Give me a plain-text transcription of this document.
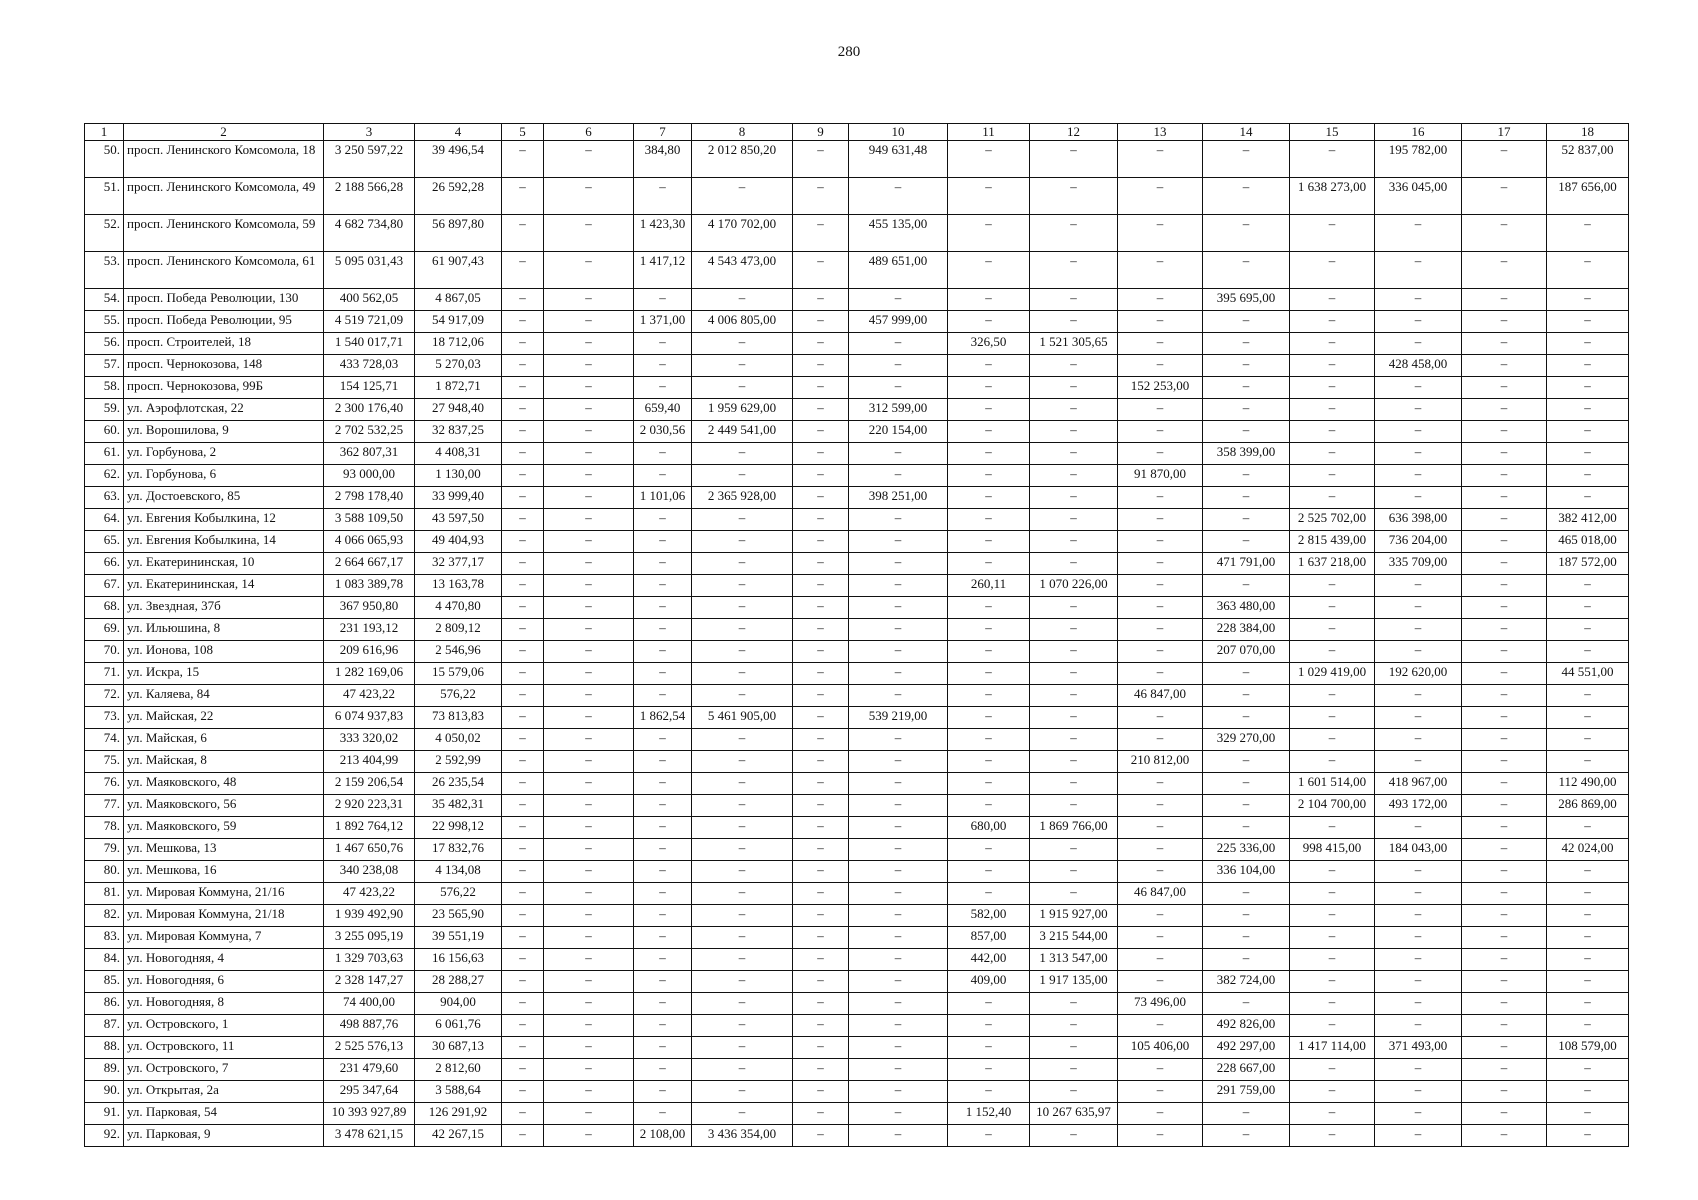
280
1	2	3	4	5	6	7	8	9	10	11	12	13	14	15	16	17	18
50.	просп. Ленинского Комсомола, 18	3 250 597,22	39 496,54	–	–	384,80	2 012 850,20	–	949 631,48	–	–	–	–	–	195 782,00	–	52 837,00
51.	просп. Ленинского Комсомола, 49	2 188 566,28	26 592,28	–	–	–	–	–	–	–	–	–	–	1 638 273,00	336 045,00	–	187 656,00
52.	просп. Ленинского Комсомола, 59	4 682 734,80	56 897,80	–	–	1 423,30	4 170 702,00	–	455 135,00	–	–	–	–	–	–	–	–
53.	просп. Ленинского Комсомола, 61	5 095 031,43	61 907,43	–	–	1 417,12	4 543 473,00	–	489 651,00	–	–	–	–	–	–	–	–
54.	просп. Победа Революции, 130	400 562,05	4 867,05	–	–	–	–	–	–	–	–	–	395 695,00	–	–	–	–
55.	просп. Победа Революции, 95	4 519 721,09	54 917,09	–	–	1 371,00	4 006 805,00	–	457 999,00	–	–	–	–	–	–	–	–
56.	просп. Строителей, 18	1 540 017,71	18 712,06	–	–	–	–	–	–	326,50	1 521 305,65	–	–	–	–	–	–
57.	просп. Чернокозова, 148	433 728,03	5 270,03	–	–	–	–	–	–	–	–	–	–	–	428 458,00	–	–
58.	просп. Чернокозова, 99Б	154 125,71	1 872,71	–	–	–	–	–	–	–	–	152 253,00	–	–	–	–	–
59.	ул. Аэрофлотская, 22	2 300 176,40	27 948,40	–	–	659,40	1 959 629,00	–	312 599,00	–	–	–	–	–	–	–	–
60.	ул. Ворошилова, 9	2 702 532,25	32 837,25	–	–	2 030,56	2 449 541,00	–	220 154,00	–	–	–	–	–	–	–	–
61.	ул. Горбунова, 2	362 807,31	4 408,31	–	–	–	–	–	–	–	–	–	358 399,00	–	–	–	–
62.	ул. Горбунова, 6	93 000,00	1 130,00	–	–	–	–	–	–	–	–	91 870,00	–	–	–	–	–
63.	ул. Достоевского, 85	2 798 178,40	33 999,40	–	–	1 101,06	2 365 928,00	–	398 251,00	–	–	–	–	–	–	–	–
64.	ул. Евгения Кобылкина, 12	3 588 109,50	43 597,50	–	–	–	–	–	–	–	–	–	–	2 525 702,00	636 398,00	–	382 412,00
65.	ул. Евгения Кобылкина, 14	4 066 065,93	49 404,93	–	–	–	–	–	–	–	–	–	–	2 815 439,00	736 204,00	–	465 018,00
66.	ул. Екатерининская, 10	2 664 667,17	32 377,17	–	–	–	–	–	–	–	–	–	471 791,00	1 637 218,00	335 709,00	–	187 572,00
67.	ул. Екатерининская, 14	1 083 389,78	13 163,78	–	–	–	–	–	–	260,11	1 070 226,00	–	–	–	–	–	–
68.	ул. Звездная, 37б	367 950,80	4 470,80	–	–	–	–	–	–	–	–	–	363 480,00	–	–	–	–
69.	ул. Ильюшина, 8	231 193,12	2 809,12	–	–	–	–	–	–	–	–	–	228 384,00	–	–	–	–
70.	ул. Ионова, 108	209 616,96	2 546,96	–	–	–	–	–	–	–	–	–	207 070,00	–	–	–	–
71.	ул. Искра, 15	1 282 169,06	15 579,06	–	–	–	–	–	–	–	–	–	–	1 029 419,00	192 620,00	–	44 551,00
72.	ул. Каляева, 84	47 423,22	576,22	–	–	–	–	–	–	–	–	46 847,00	–	–	–	–	–
73.	ул. Майская, 22	6 074 937,83	73 813,83	–	–	1 862,54	5 461 905,00	–	539 219,00	–	–	–	–	–	–	–	–
74.	ул. Майская, 6	333 320,02	4 050,02	–	–	–	–	–	–	–	–	–	329 270,00	–	–	–	–
75.	ул. Майская, 8	213 404,99	2 592,99	–	–	–	–	–	–	–	–	210 812,00	–	–	–	–	–
76.	ул. Маяковского, 48	2 159 206,54	26 235,54	–	–	–	–	–	–	–	–	–	–	1 601 514,00	418 967,00	–	112 490,00
77.	ул. Маяковского, 56	2 920 223,31	35 482,31	–	–	–	–	–	–	–	–	–	–	2 104 700,00	493 172,00	–	286 869,00
78.	ул. Маяковского, 59	1 892 764,12	22 998,12	–	–	–	–	–	–	680,00	1 869 766,00	–	–	–	–	–	–
79.	ул. Мешкова, 13	1 467 650,76	17 832,76	–	–	–	–	–	–	–	–	–	225 336,00	998 415,00	184 043,00	–	42 024,00
80.	ул. Мешкова, 16	340 238,08	4 134,08	–	–	–	–	–	–	–	–	–	336 104,00	–	–	–	–
81.	ул. Мировая Коммуна, 21/16	47 423,22	576,22	–	–	–	–	–	–	–	–	46 847,00	–	–	–	–	–
82.	ул. Мировая Коммуна, 21/18	1 939 492,90	23 565,90	–	–	–	–	–	–	582,00	1 915 927,00	–	–	–	–	–	–
83.	ул. Мировая Коммуна, 7	3 255 095,19	39 551,19	–	–	–	–	–	–	857,00	3 215 544,00	–	–	–	–	–	–
84.	ул. Новогодняя, 4	1 329 703,63	16 156,63	–	–	–	–	–	–	442,00	1 313 547,00	–	–	–	–	–	–
85.	ул. Новогодняя, 6	2 328 147,27	28 288,27	–	–	–	–	–	–	409,00	1 917 135,00	–	382 724,00	–	–	–	–
86.	ул. Новогодняя, 8	74 400,00	904,00	–	–	–	–	–	–	–	–	73 496,00	–	–	–	–	–
87.	ул. Островского, 1	498 887,76	6 061,76	–	–	–	–	–	–	–	–	–	492 826,00	–	–	–	–
88.	ул. Островского, 11	2 525 576,13	30 687,13	–	–	–	–	–	–	–	–	105 406,00	492 297,00	1 417 114,00	371 493,00	–	108 579,00
89.	ул. Островского, 7	231 479,60	2 812,60	–	–	–	–	–	–	–	–	–	228 667,00	–	–	–	–
90.	ул. Открытая, 2а	295 347,64	3 588,64	–	–	–	–	–	–	–	–	–	291 759,00	–	–	–	–
91.	ул. Парковая, 54	10 393 927,89	126 291,92	–	–	–	–	–	–	1 152,40	10 267 635,97	–	–	–	–	–	–
92.	ул. Парковая, 9	3 478 621,15	42 267,15	–	–	2 108,00	3 436 354,00	–	–	–	–	–	–	–	–	–	–
